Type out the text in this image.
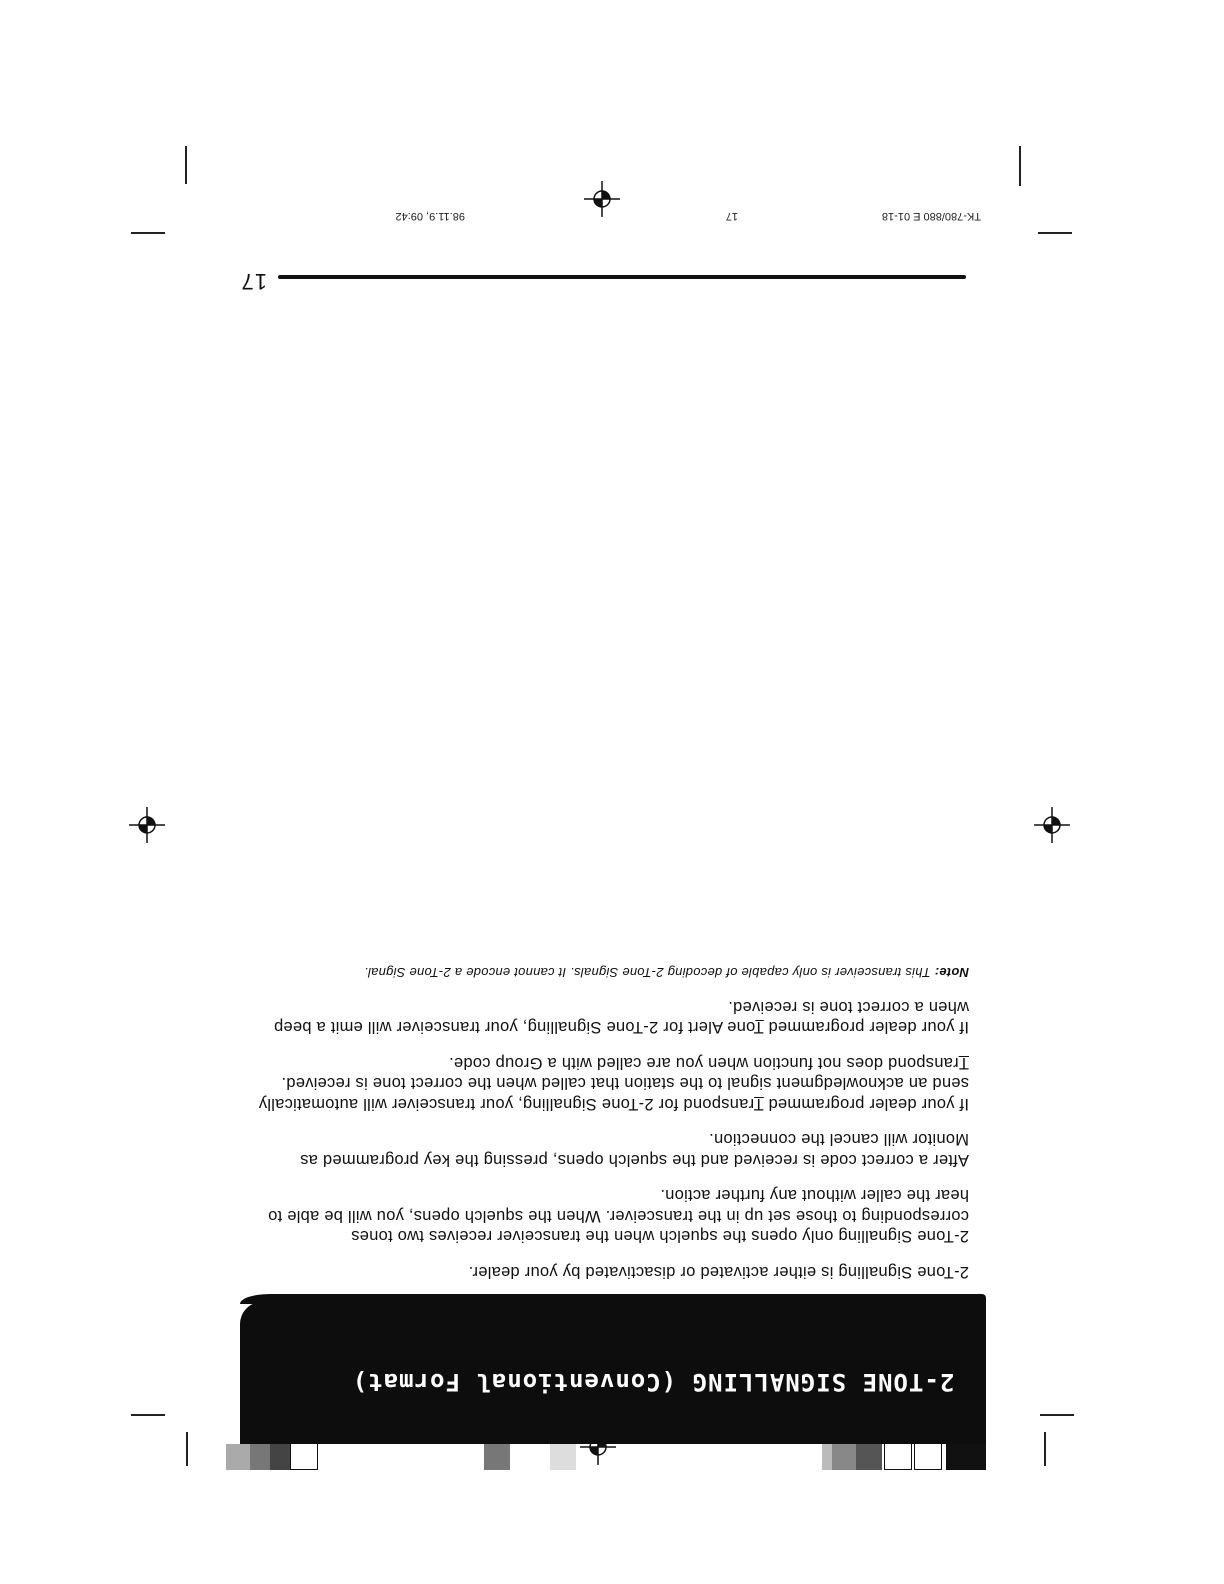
2-TONE SIGNALLING (Conventional Format)

2-Tone Signalling is either activated or disactivated by your dealer.

2-Tone Signalling only opens the squelch when the transceiver receives two tones corresponding to those set up in the transceiver. When the squelch opens, you will be able to hear the caller without any further action.

After a correct code is received and the squelch opens, pressing the key programmed as Monitor will cancel the connection.

If your dealer programmed Transpond for 2-Tone Signalling, your transceiver will automatically send an acknowledgment signal to the station that called when the correct tone is received. Transpond does not function when you are called with a Group code.

If your dealer programmed Tone Alert for 2-Tone Signalling, your transceiver will emit a beep when a correct tone is received.

Note: This transceiver is only capable of decoding 2-Tone Signals. It cannot encode a 2-Tone Signal.
17
TK-780/880 E 01-18
17
98.11.9, 09:42
